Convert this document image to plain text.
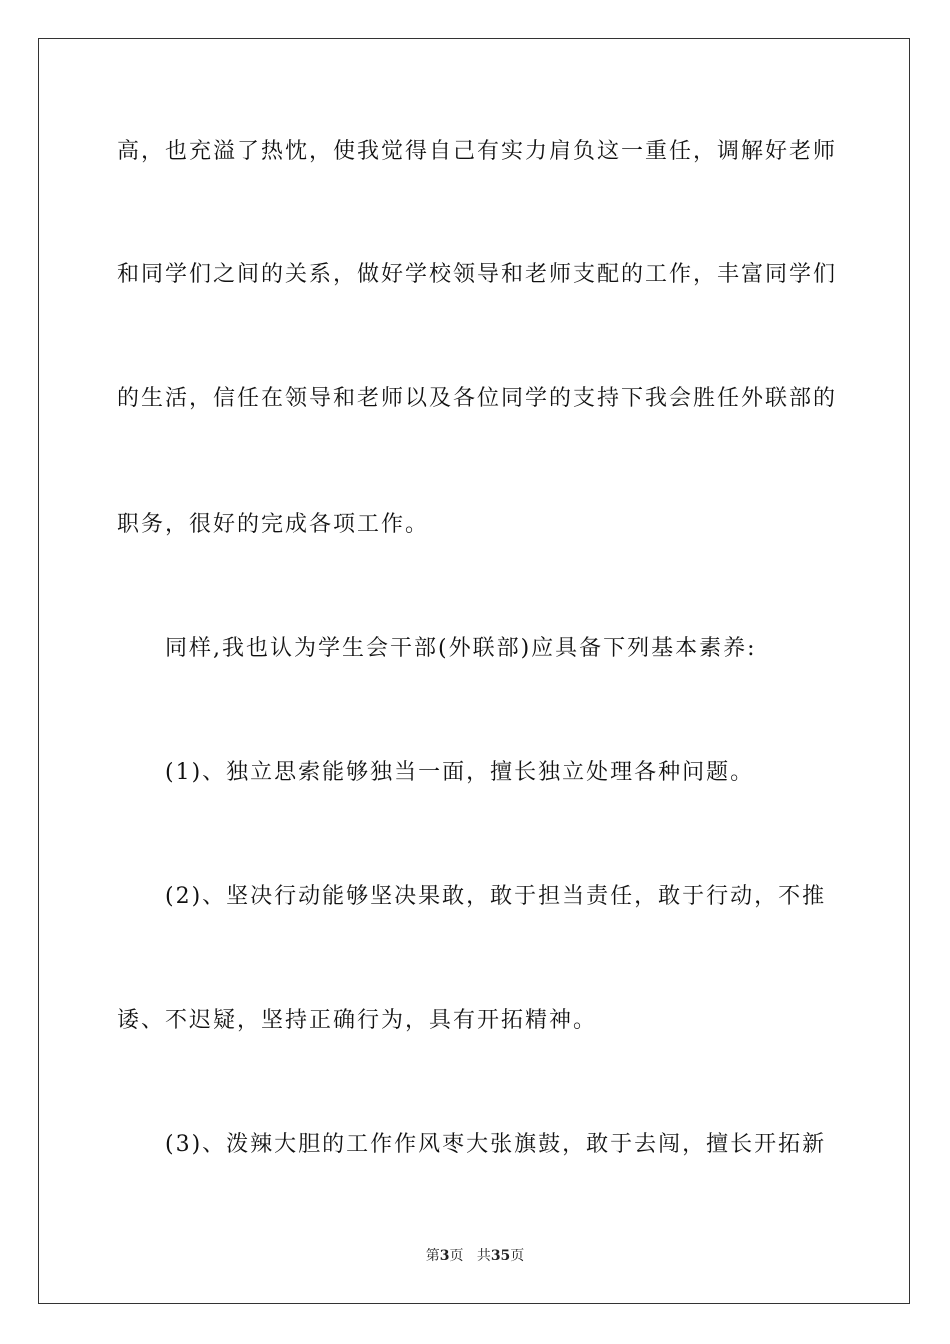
高，也充溢了热忱，使我觉得自己有实力肩负这一重任，调解好老师
和同学们之间的关系，做好学校领导和老师支配的工作，丰富同学们
的生活，信任在领导和老师以及各位同学的支持下我会胜任外联部的
职务，很好的完成各项工作。
同样,我也认为学生会干部(外联部)应具备下列基本素养:
(1)、独立思索能够独当一面，擅长独立处理各种问题。
(2)、坚决行动能够坚决果敢，敢于担当责任，敢于行动，不推
诿、不迟疑，坚持正确行为，具有开拓精神。
(3)、泼辣大胆的工作作风枣大张旗鼓，敢于去闯，擅长开拓新
第3页 共35页
